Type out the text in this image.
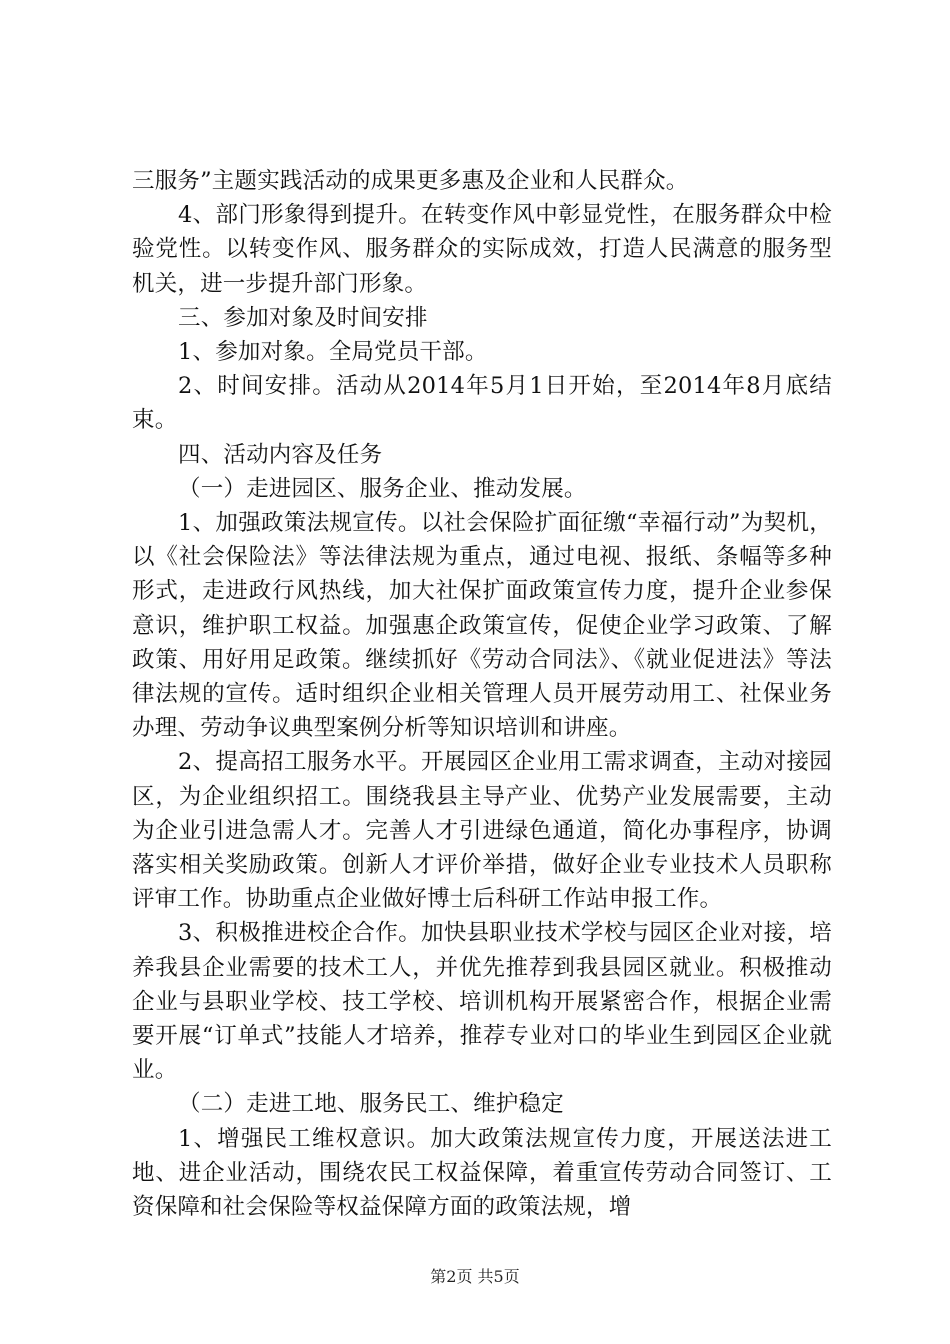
三服务”主题实践活动的成果更多惠及企业和人民群众。

4、部门形象得到提升。在转变作风中彰显党性，在服务群众中检验党性。以转变作风、服务群众的实际成效，打造人民满意的服务型机关，进一步提升部门形象。

三、参加对象及时间安排

1、参加对象。全局党员干部。

2、时间安排。活动从2014年5月1日开始，至2014年8月底结束。

四、活动内容及任务

（一）走进园区、服务企业、推动发展。

1、加强政策法规宣传。以社会保险扩面征缴“幸福行动”为契机，以《社会保险法》等法律法规为重点，通过电视、报纸、条幅等多种形式，走进政行风热线，加大社保扩面政策宣传力度，提升企业参保意识，维护职工权益。加强惠企政策宣传，促使企业学习政策、了解政策、用好用足政策。继续抓好《劳动合同法》、《就业促进法》等法律法规的宣传。适时组织企业相关管理人员开展劳动用工、社保业务办理、劳动争议典型案例分析等知识培训和讲座。

2、提高招工服务水平。开展园区企业用工需求调查，主动对接园区，为企业组织招工。围绕我县主导产业、优势产业发展需要，主动为企业引进急需人才。完善人才引进绿色通道，简化办事程序，协调落实相关奖励政策。创新人才评价举措，做好企业专业技术人员职称评审工作。协助重点企业做好博士后科研工作站申报工作。

3、积极推进校企合作。加快县职业技术学校与园区企业对接，培养我县企业需要的技术工人，并优先推荐到我县园区就业。积极推动企业与县职业学校、技工学校、培训机构开展紧密合作，根据企业需要开展“订单式”技能人才培养，推荐专业对口的毕业生到园区企业就业。

（二）走进工地、服务民工、维护稳定

1、增强民工维权意识。加大政策法规宣传力度，开展送法进工地、进企业活动，围绕农民工权益保障，着重宣传劳动合同签订、工资保障和社会保险等权益保障方面的政策法规，增

第2页 共5页
